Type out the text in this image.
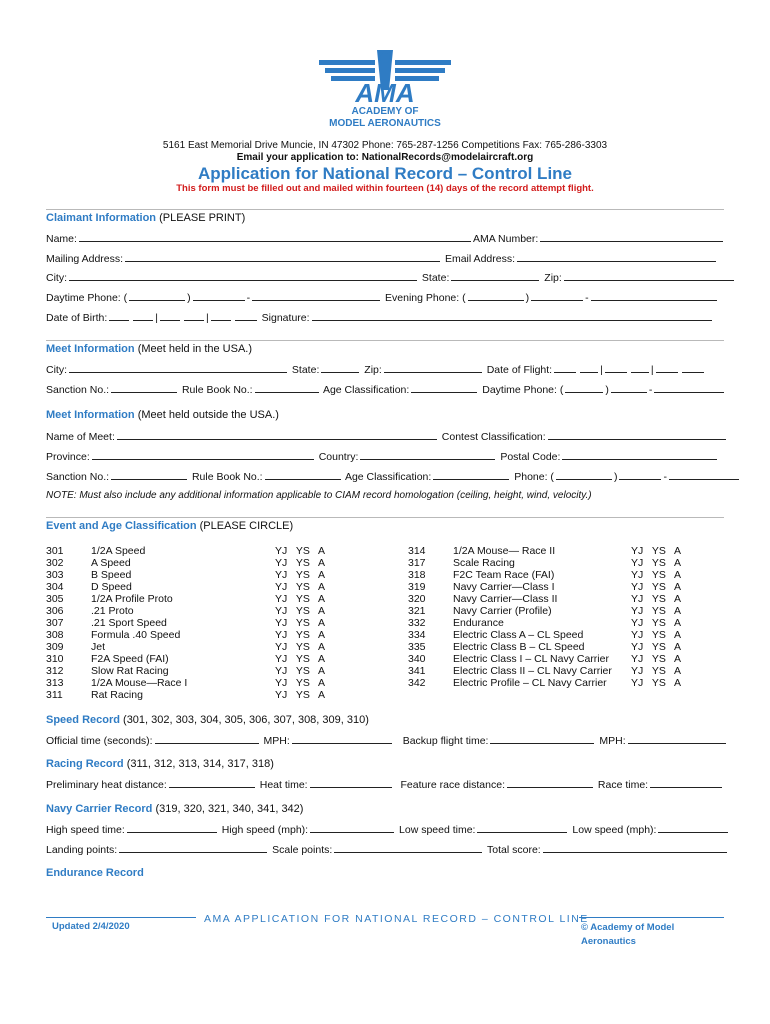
AMA
ACADEMY OF
MODEL AERONAUTICS
5161 East Memorial Drive Muncie, IN 47302 Phone: 765-287-1256 Competitions Fax: 765-286-3303
Email your application to: NationalRecords@modelaircraft.org
Application for National Record – Control Line
This form must be filled out and mailed within fourteen (14) days of the record attempt flight.
Claimant Information (PLEASE PRINT)
Name:	AMA Number:
Mailing Address:	Email Address:
City:	State:	Zip:
Daytime Phone: (	)	-	Evening Phone: (	)	-
Date of Birth:	|	|	Signature:
Meet Information (Meet held in the USA.)
City:	State:	Zip:	Date of Flight:	|	|
Sanction No.:	Rule Book No.:	Age Classification:	Daytime Phone: (	)	-
Meet Information (Meet held outside the USA.)
Name of Meet:	Contest Classification:
Province:	Country:	Postal Code:
Sanction No.:	Rule Book No.:	Age Classification:	Phone: (	)	-
NOTE: Must also include any additional information applicable to CIAM record homologation (ceiling, height, wind, velocity.)
Event and Age Classification (PLEASE CIRCLE)
301	1/2A Speed	YJ   YS   A
302	A Speed	YJ   YS   A
303	B Speed	YJ   YS   A
304	D Speed	YJ   YS   A
305	1/2A Profile Proto	YJ   YS   A
306	.21 Proto	YJ   YS   A
307	.21 Sport Speed	YJ   YS   A
308	Formula .40 Speed	YJ   YS   A
309	Jet	YJ   YS   A
310	F2A Speed (FAI)	YJ   YS   A
312	Slow Rat Racing	YJ   YS   A
313	1/2A Mouse—Race I	YJ   YS   A
311	Rat Racing	YJ   YS   A
314	1/2A Mouse— Race II	YJ   YS   A
317	Scale Racing	YJ   YS   A
318	F2C Team Race (FAI)	YJ   YS   A
319	Navy Carrier—Class I	YJ   YS   A
320	Navy Carrier—Class II	YJ   YS   A
321	Navy Carrier (Profile)	YJ   YS   A
332	Endurance	YJ   YS   A
334	Electric Class A – CL Speed	YJ   YS   A
335	Electric Class B – CL Speed	YJ   YS   A
340	Electric Class I – CL Navy Carrier YJ   YS   A
341	Electric Class II – CL Navy Carrier YJ   YS   A
342	Electric Profile – CL Navy Carrier YJ   YS   A
Speed Record (301, 302, 303, 304, 305, 306, 307, 308, 309, 310)
Official time (seconds):	MPH:	Backup flight time:	MPH:
Racing Record (311, 312, 313, 314, 317, 318)
Preliminary heat distance:	Heat time:	Feature race distance:	Race time:
Navy Carrier Record (319, 320, 321, 340, 341, 342)
High speed time:	High speed (mph):	Low speed time:	Low speed (mph):
Landing points:	Scale points:	Total score:
Endurance Record
Updated 2/4/2020
AMA APPLICATION FOR NATIONAL RECORD – CONTROL LINE
© Academy of Model
Aeronautics
